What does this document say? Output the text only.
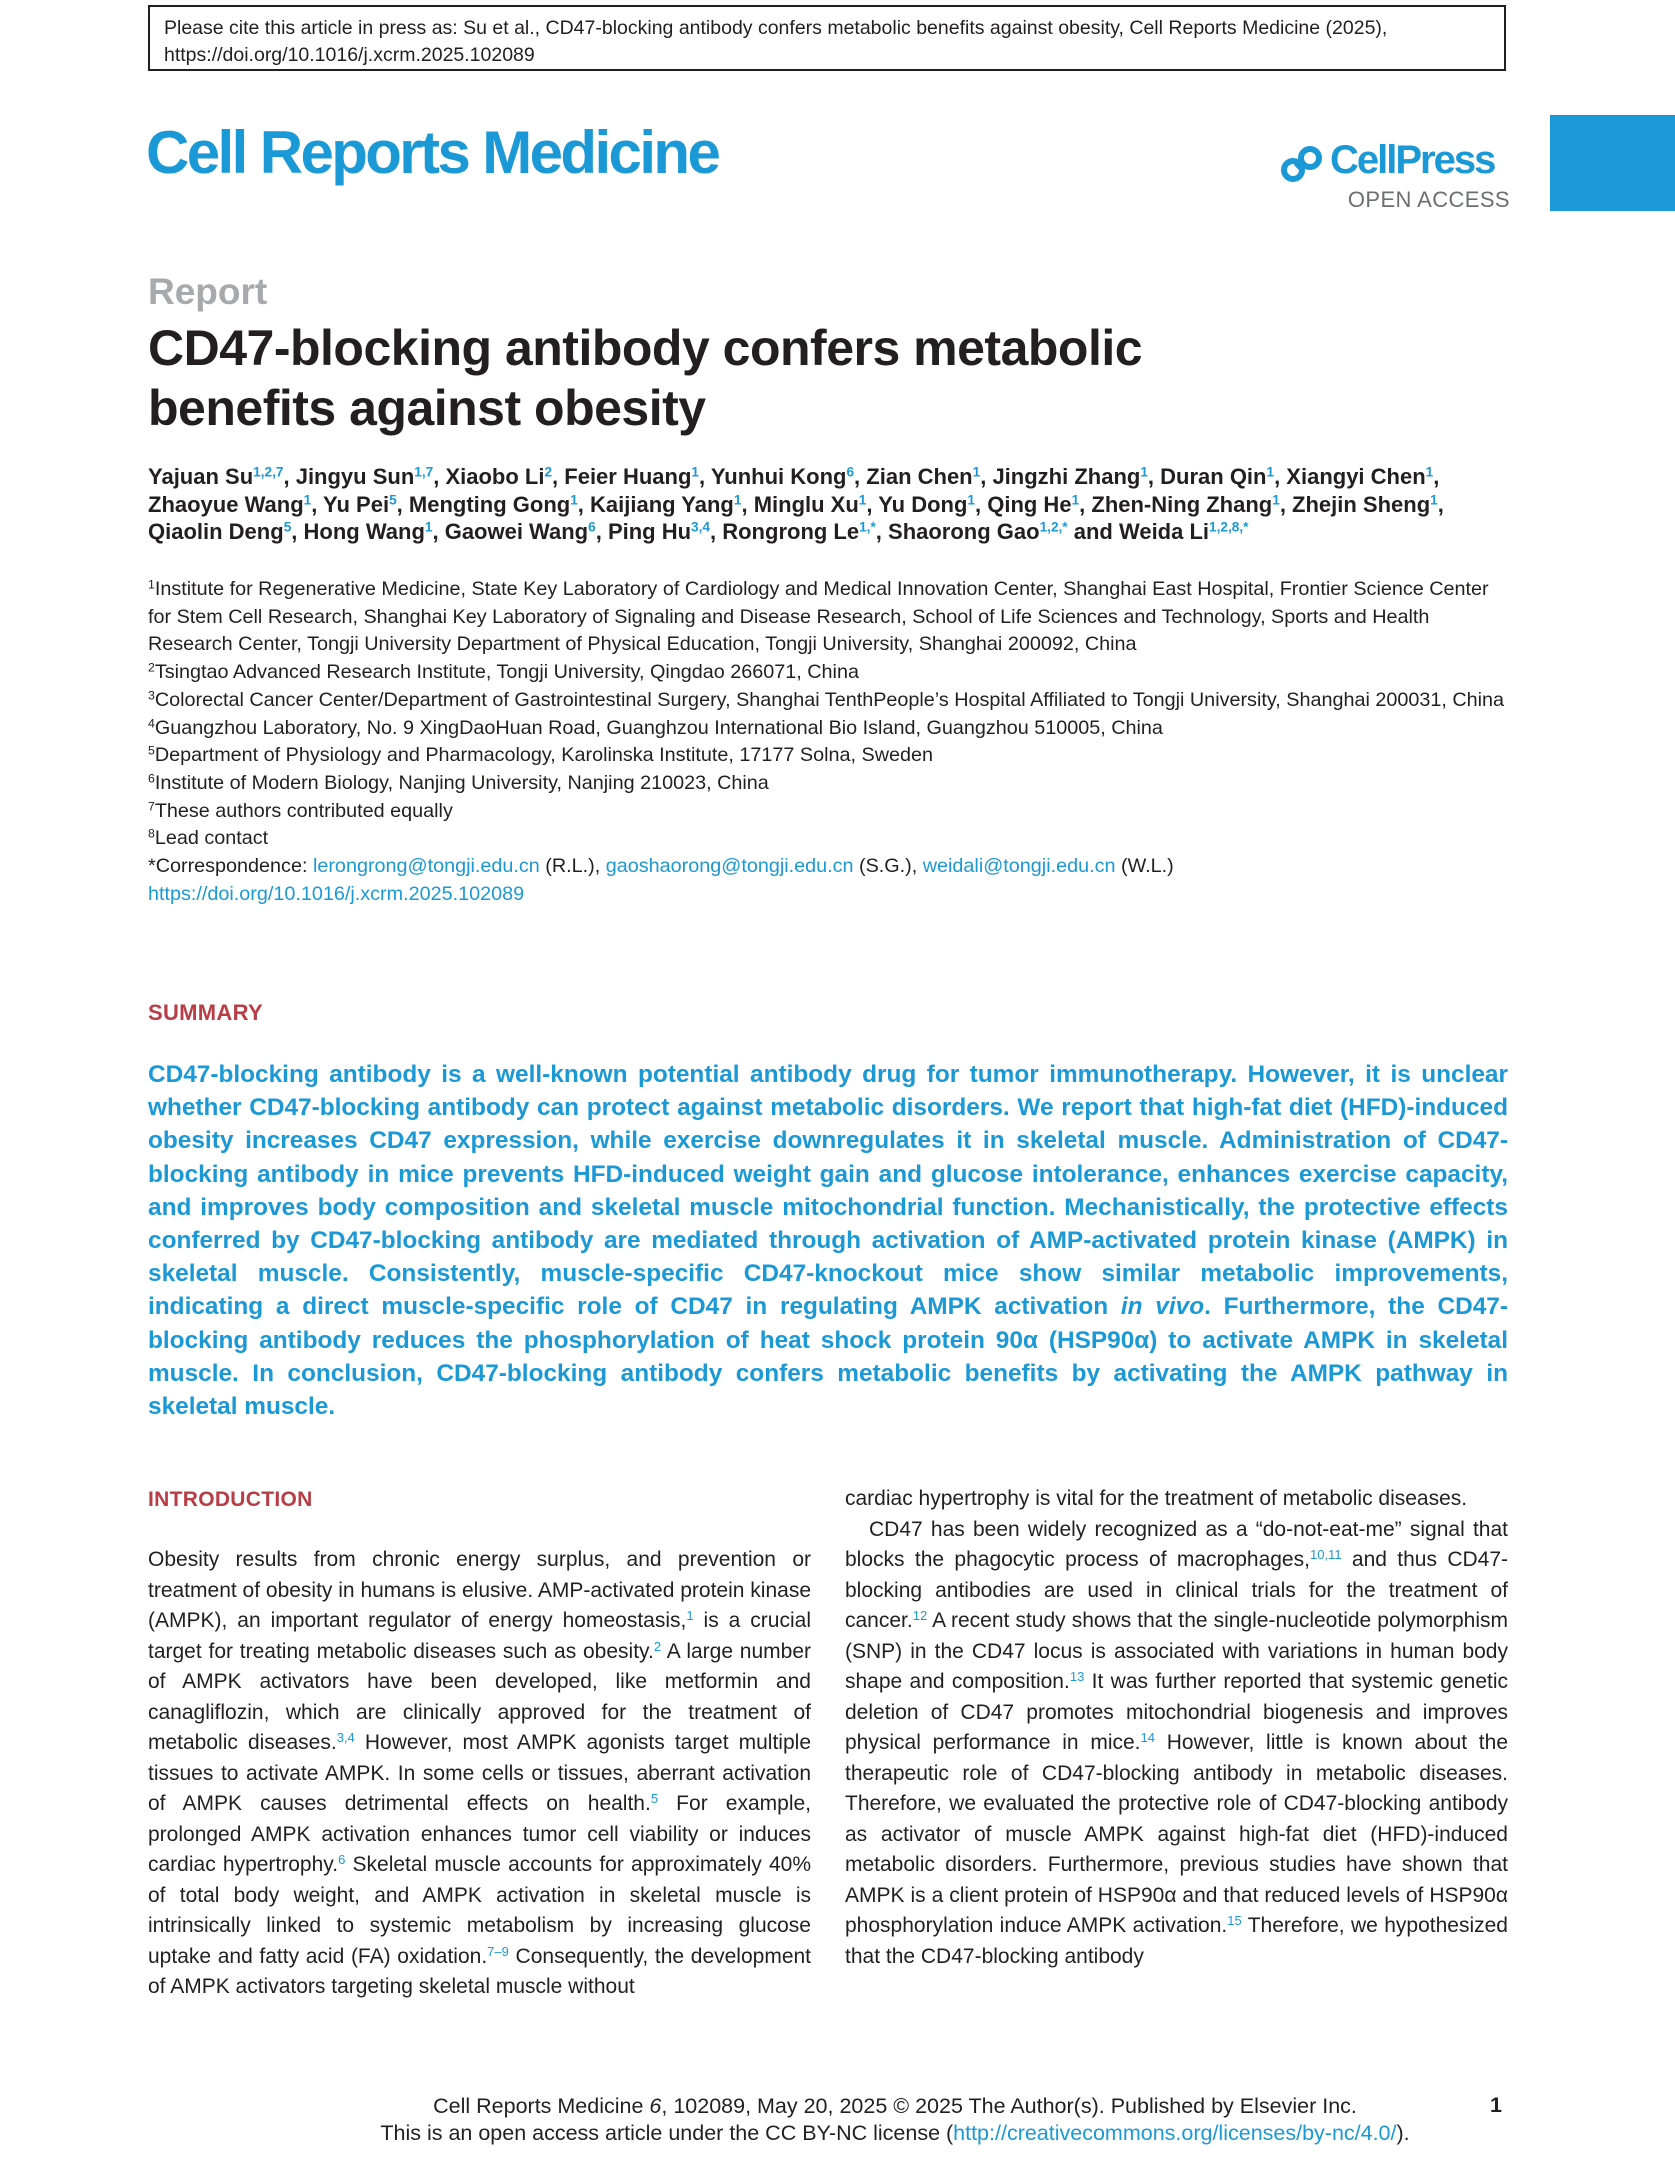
Please cite this article in press as: Su et al., CD47-blocking antibody confers metabolic benefits against obesity, Cell Reports Medicine (2025), https://doi.org/10.1016/j.xcrm.2025.102089
Cell Reports Medicine	CellPress
OPEN ACCESS
Report
CD47-blocking antibody confers metabolic benefits against obesity
Yajuan Su$^{1,2,7}$, Jingyu Sun$^{1,7}$, Xiaobo Li$^2$, Feier Huang$^1$, Yunhui Kong$^6$, Zian Chen$^1$, Jingzhi Zhang$^1$, Duran Qin$^1$, Xiangyi Chen$^1$, Zhaoyue Wang$^1$, Yu Pei$^5$, Mengting Gong$^1$, Kaijiang Yang$^1$, Minglu Xu$^1$, Yu Dong$^1$, Qing He$^1$, Zhen-Ning Zhang$^1$, Zhejin Sheng$^1$, Qiaolin Deng$^5$, Hong Wang$^1$, Gaowei Wang$^6$, Ping Hu$^{3,4}$, Rongrong $Le^{1,*}$, Shaorong Gao$^{1,2,*}$ and Weida $Li^{1,2,8,*}$
$^1$Institute for Regenerative Medicine, State Key Laboratory of Cardiology and Medical Innovation Center, Shanghai East Hospital, Frontier Science Center for Stem Cell Research, Shanghai Key Laboratory of Signaling and Disease Research, School of Life Sciences and Technology, Sports and Health Research Center, Tongji University Department of Physical Education, Tongji University, Shanghai 200092, China
$^2$Tsingtao Advanced Research Institute, Tongji University, Qingdao 266071, China
$^3$Colorectal Cancer Center/Department of Gastrointestinal Surgery, Shanghai TenthPeople’s Hospital Affiliated to Tongji University, Shanghai 200031, China
$^4$Guangzhou Laboratory, No. 9 XingDaoHuan Road, Guanghzou International Bio Island, Guangzhou 510005, China
$^5$Department of Physiology and Pharmacology, Karolinska Institute, 17177 Solna, Sweden
$^6$Institute of Modern Biology, Nanjing University, Nanjing 210023, China
$^7$These authors contributed equally
$^8$Lead contact
*Correspondence: lerongrong@tongji.edu.cn (R.L.), gaoshaorong@tongji.edu.cn (S.G.), weidali@tongji.edu.cn (W.L.)
https://doi.org/10.1016/j.xcrm.2025.102089
SUMMARY
CD47-blocking antibody is a well-known potential antibody drug for tumor immunotherapy. However, it is unclear whether CD47-blocking antibody can protect against metabolic disorders. We report that high-fat diet (HFD)-induced obesity increases CD47 expression, while exercise downregulates it in skeletal muscle. Administration of CD47-blocking antibody in mice prevents HFD-induced weight gain and glucose intolerance, enhances exercise capacity, and improves body composition and skeletal muscle mitochondrial function. Mechanistically, the protective effects conferred by CD47-blocking antibody are mediated through activation of AMP-activated protein kinase (AMPK) in skeletal muscle. Consistently, muscle-specific CD47-knockout mice show similar metabolic improvements, indicating a direct muscle-specific role of CD47 in regulating AMPK activation in vivo. Furthermore, the CD47-blocking antibody reduces the phosphorylation of heat shock protein 90α (HSP90α) to activate AMPK in skeletal muscle. In conclusion, CD47-blocking antibody confers metabolic benefits by activating the AMPK pathway in skeletal muscle.
INTRODUCTION

Obesity results from chronic energy surplus, and prevention or treatment of obesity in humans is elusive. AMP-activated protein kinase (AMPK), an important regulator of energy homeostasis,$^1$ is a crucial target for treating metabolic diseases such as obesity.$^2$ A large number of AMPK activators have been developed, like metformin and canagliflozin, which are clinically approved for the treatment of metabolic diseases.$^{3,4}$ However, most AMPK agonists target multiple tissues to activate AMPK. In some cells or tissues, aberrant activation of AMPK causes detrimental effects on health.$^5$ For example, prolonged AMPK activation enhances tumor cell viability or induces cardiac hypertrophy.$^6$ Skeletal muscle accounts for approximately 40% of total body weight, and AMPK activation in skeletal muscle is intrinsically linked to systemic metabolism by increasing glucose uptake and fatty acid (FA) oxidation.$^{7-9}$ Consequently, the development of AMPK activators targeting skeletal muscle without

cardiac hypertrophy is vital for the treatment of metabolic diseases.

CD47 has been widely recognized as a “do-not-eat-me” signal that blocks the phagocytic process of macrophages,$^{10,11}$ and thus CD47-blocking antibodies are used in clinical trials for the treatment of cancer.$^{12}$ A recent study shows that the single-nucleotide polymorphism (SNP) in the CD47 locus is associated with variations in human body shape and composition.$^{13}$ It was further reported that systemic genetic deletion of CD47 promotes mitochondrial biogenesis and improves physical performance in mice.$^{14}$ However, little is known about the therapeutic role of CD47-blocking antibody in metabolic diseases. Therefore, we evaluated the protective role of CD47-blocking antibody as activator of muscle AMPK against high-fat diet (HFD)-induced metabolic disorders. Furthermore, previous studies have shown that AMPK is a client protein of HSP90α and that reduced levels of HSP90α phosphorylation induce AMPK activation.$^{15}$ Therefore, we hypothesized that the CD47-blocking antibody

Cell Reports Medicine 6, 102089, May 20, 2025 © 2025 The Author(s). Published by Elsevier Inc.
This is an open access article under the CC BY-NC license (http://creativecommons.org/licenses/by-nc/4.0/).
1
